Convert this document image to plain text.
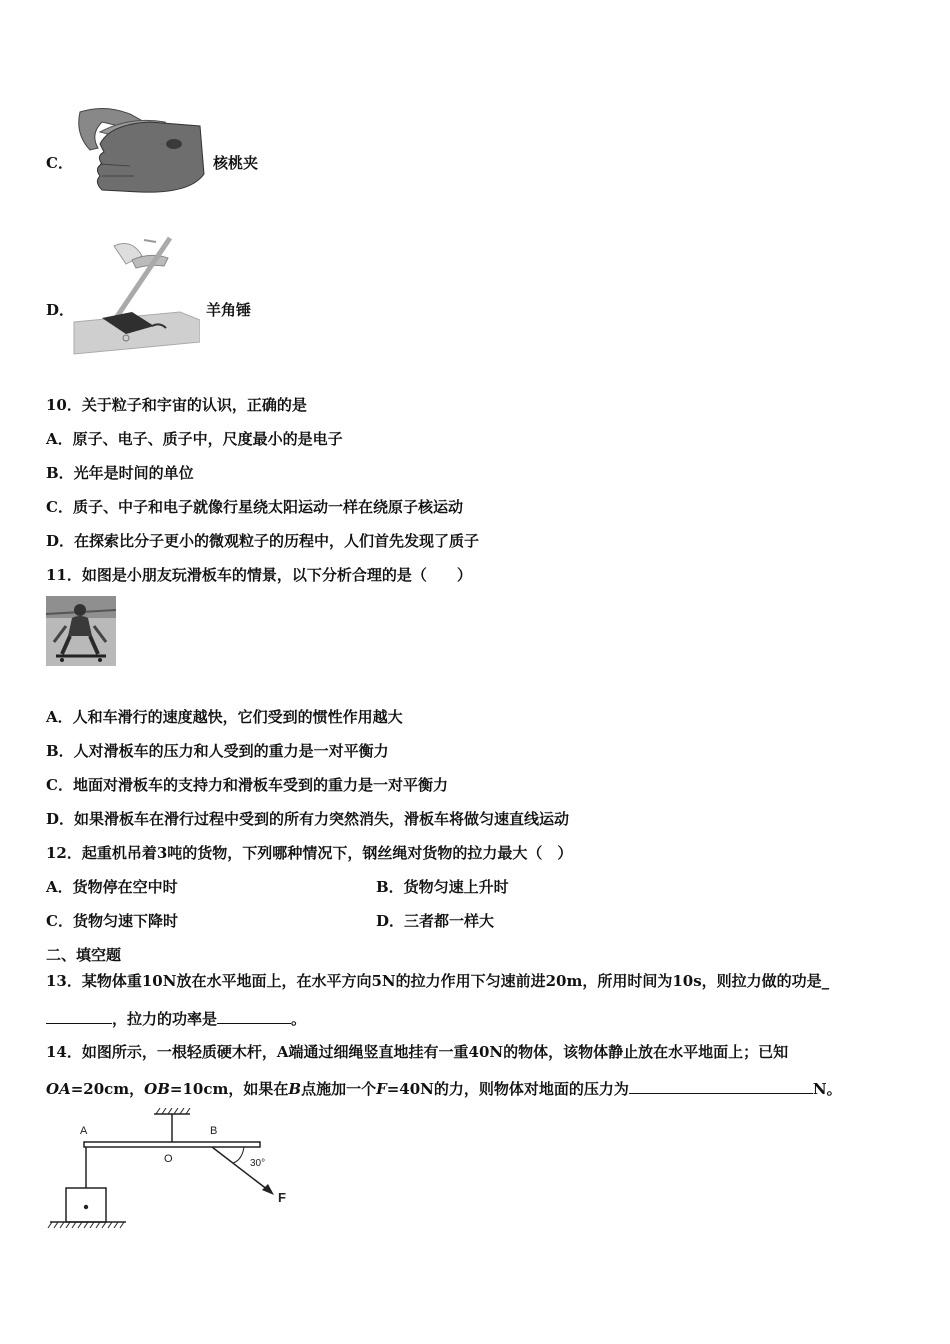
C．	核桃夹
D．	羊角锤
10．关于粒子和宇宙的认识，正确的是
A．原子、电子、质子中，尺度最小的是电子
B．光年是时间的单位
C．质子、中子和电子就像行星绕太阳运动一样在绕原子核运动
D．在探索比分子更小的微观粒子的历程中，人们首先发现了质子
11．如图是小朋友玩滑板车的情景，以下分析合理的是（　　）
A．人和车滑行的速度越快，它们受到的惯性作用越大
B．人对滑板车的压力和人受到的重力是一对平衡力
C．地面对滑板车的支持力和滑板车受到的重力是一对平衡力
D．如果滑板车在滑行过程中受到的所有力突然消失，滑板车将做匀速直线运动
12．起重机吊着3吨的货物，下列哪种情况下，钢丝绳对货物的拉力最大（　）
A．货物停在空中时	B．货物匀速上升时
C．货物匀速下降时	D．三者都一样大
二、填空题
13．某物体重10N放在水平地面上，在水平方向5N的拉力作用下匀速前进20m，所用时间为10s，则拉力做的功是_
，拉力的功率是	。
14．如图所示，一根轻质硬木杆，A端通过细绳竖直地挂有一重40N的物体，该物体静止放在水平地面上；已知
OA=20cm，OB=10cm，如果在B点施加一个F=40N的力，则物体对地面的压力为	N。
A
O
B
30°
F
